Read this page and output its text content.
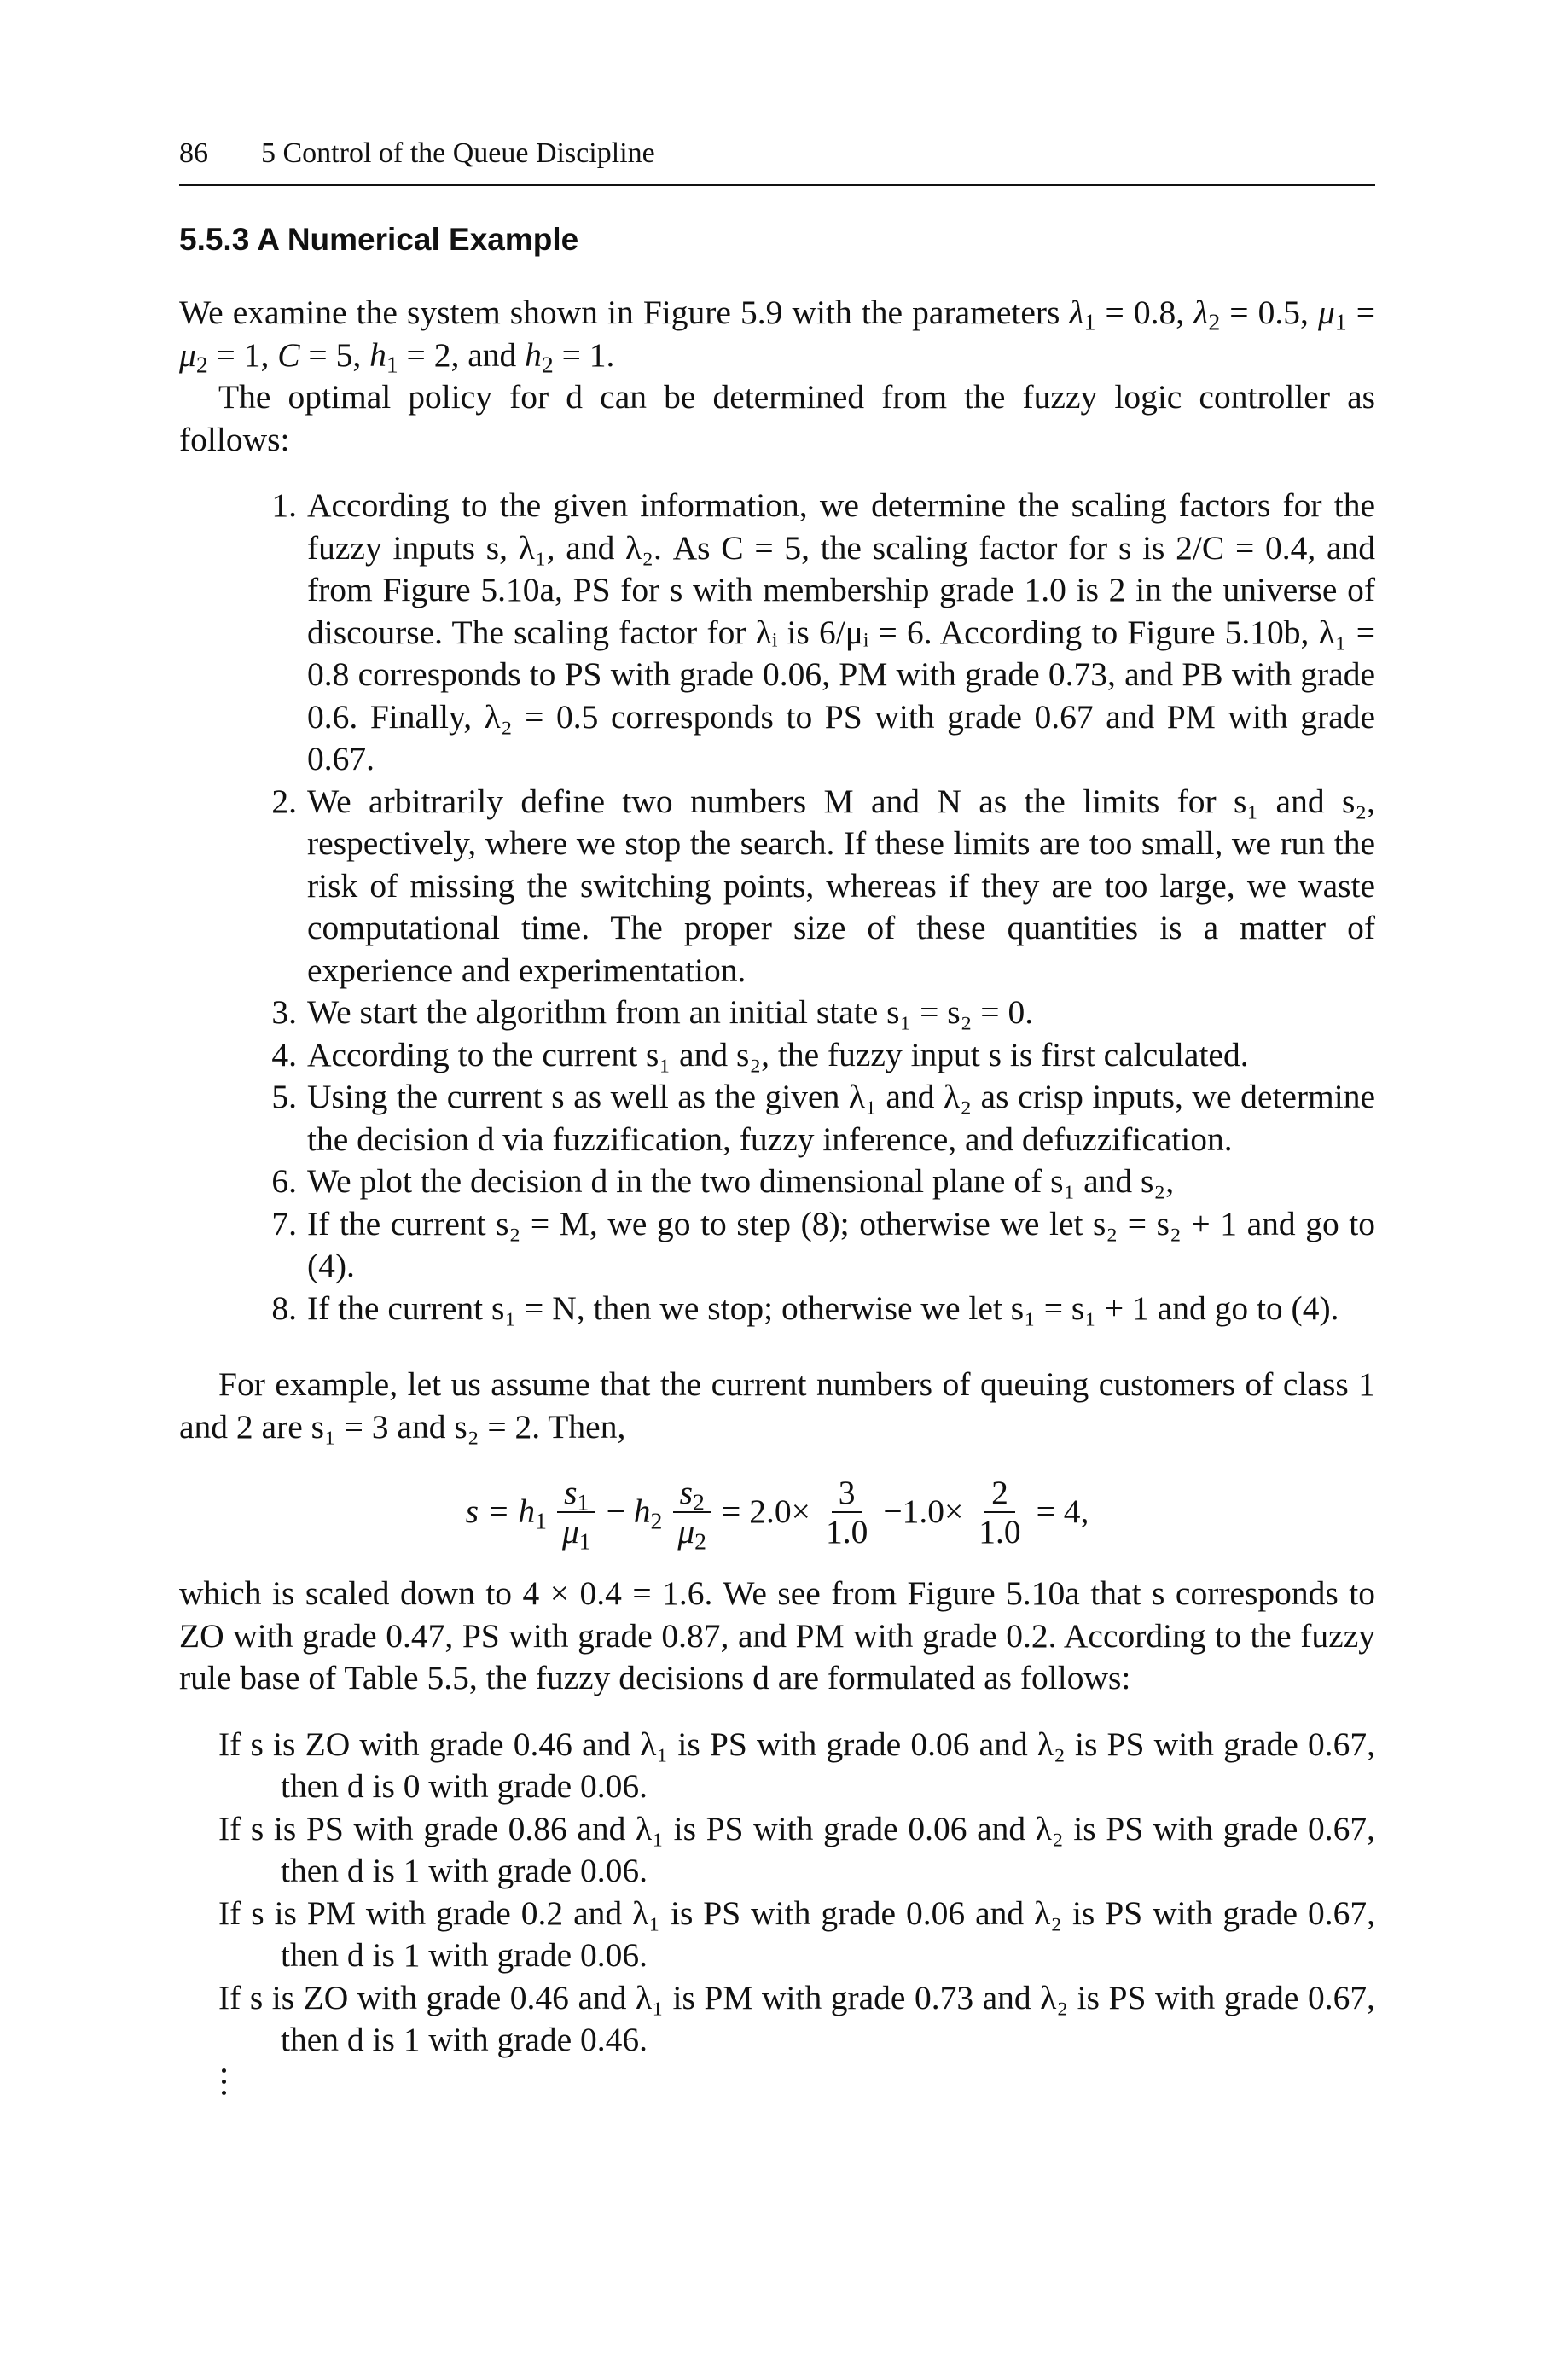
86 5 Control of the Queue Discipline
5.5.3 A Numerical Example

We examine the system shown in Figure 5.9 with the parameters $\lambda_1 = 0.8$, $\lambda_2 = 0.5$, $\mu_1 = \mu_2 = 1$, C = 5, $h_1 = 2$, and $h_2 = 1$.

The optimal policy for d can be determined from the fuzzy logic controller as follows:

1. According to the given information, we determine the scaling factors for the fuzzy inputs s, λ₁, and λ₂. As C = 5, the scaling factor for s is 2/C = 0.4, and from Figure 5.10a, PS for s with membership grade 1.0 is 2 in the universe of discourse. The scaling factor for λᵢ is 6/μᵢ = 6. According to Figure 5.10b, λ₁ = 0.8 corresponds to PS with grade 0.06, PM with grade 0.73, and PB with grade 0.6. Finally, λ₂ = 0.5 corresponds to PS with grade 0.67 and PM with grade 0.67.
2. We arbitrarily define two numbers M and N as the limits for s₁ and s₂, respectively, where we stop the search. If these limits are too small, we run the risk of missing the switching points, whereas if they are too large, we waste computational time. The proper size of these quantities is a matter of experience and experimentation.
3. We start the algorithm from an initial state s₁ = s₂ = 0.
4. According to the current s₁ and s₂, the fuzzy input s is first calculated.
5. Using the current s as well as the given λ₁ and λ₂ as crisp inputs, we determine the decision d via fuzzification, fuzzy inference, and defuzzification.
6. We plot the decision d in the two dimensional plane of s₁ and s₂,
7. If the current s₂ = M, we go to step (8); otherwise we let s₂ = s₂ + 1 and go to (4).
8. If the current s₁ = N, then we stop; otherwise we let s₁ = s₁ + 1 and go to (4).

For example, let us assume that the current numbers of queuing customers of class 1 and 2 are s₁ = 3 and s₂ = 2. Then,

$s = h_1 \frac{s_1}{\mu_1} - h_2 \frac{s_2}{\mu_2} = 2.0\times \frac{3}{1.0} -1.0\times \frac{2}{1.0} = 4$,

which is scaled down to 4 × 0.4 = 1.6. We see from Figure 5.10a that s corresponds to ZO with grade 0.47, PS with grade 0.87, and PM with grade 0.2. According to the fuzzy rule base of Table 5.5, the fuzzy decisions d are formulated as follows:

If s is ZO with grade 0.46 and λ₁ is PS with grade 0.06 and λ₂ is PS with grade 0.67, then d is 0 with grade 0.06.
If s is PS with grade 0.86 and λ₁ is PS with grade 0.06 and λ₂ is PS with grade 0.67, then d is 1 with grade 0.06.
If s is PM with grade 0.2 and λ₁ is PS with grade 0.06 and λ₂ is PS with grade 0.67, then d is 1 with grade 0.06.
If s is ZO with grade 0.46 and λ₁ is PM with grade 0.73 and λ₂ is PS with grade 0.67, then d is 1 with grade 0.46.
